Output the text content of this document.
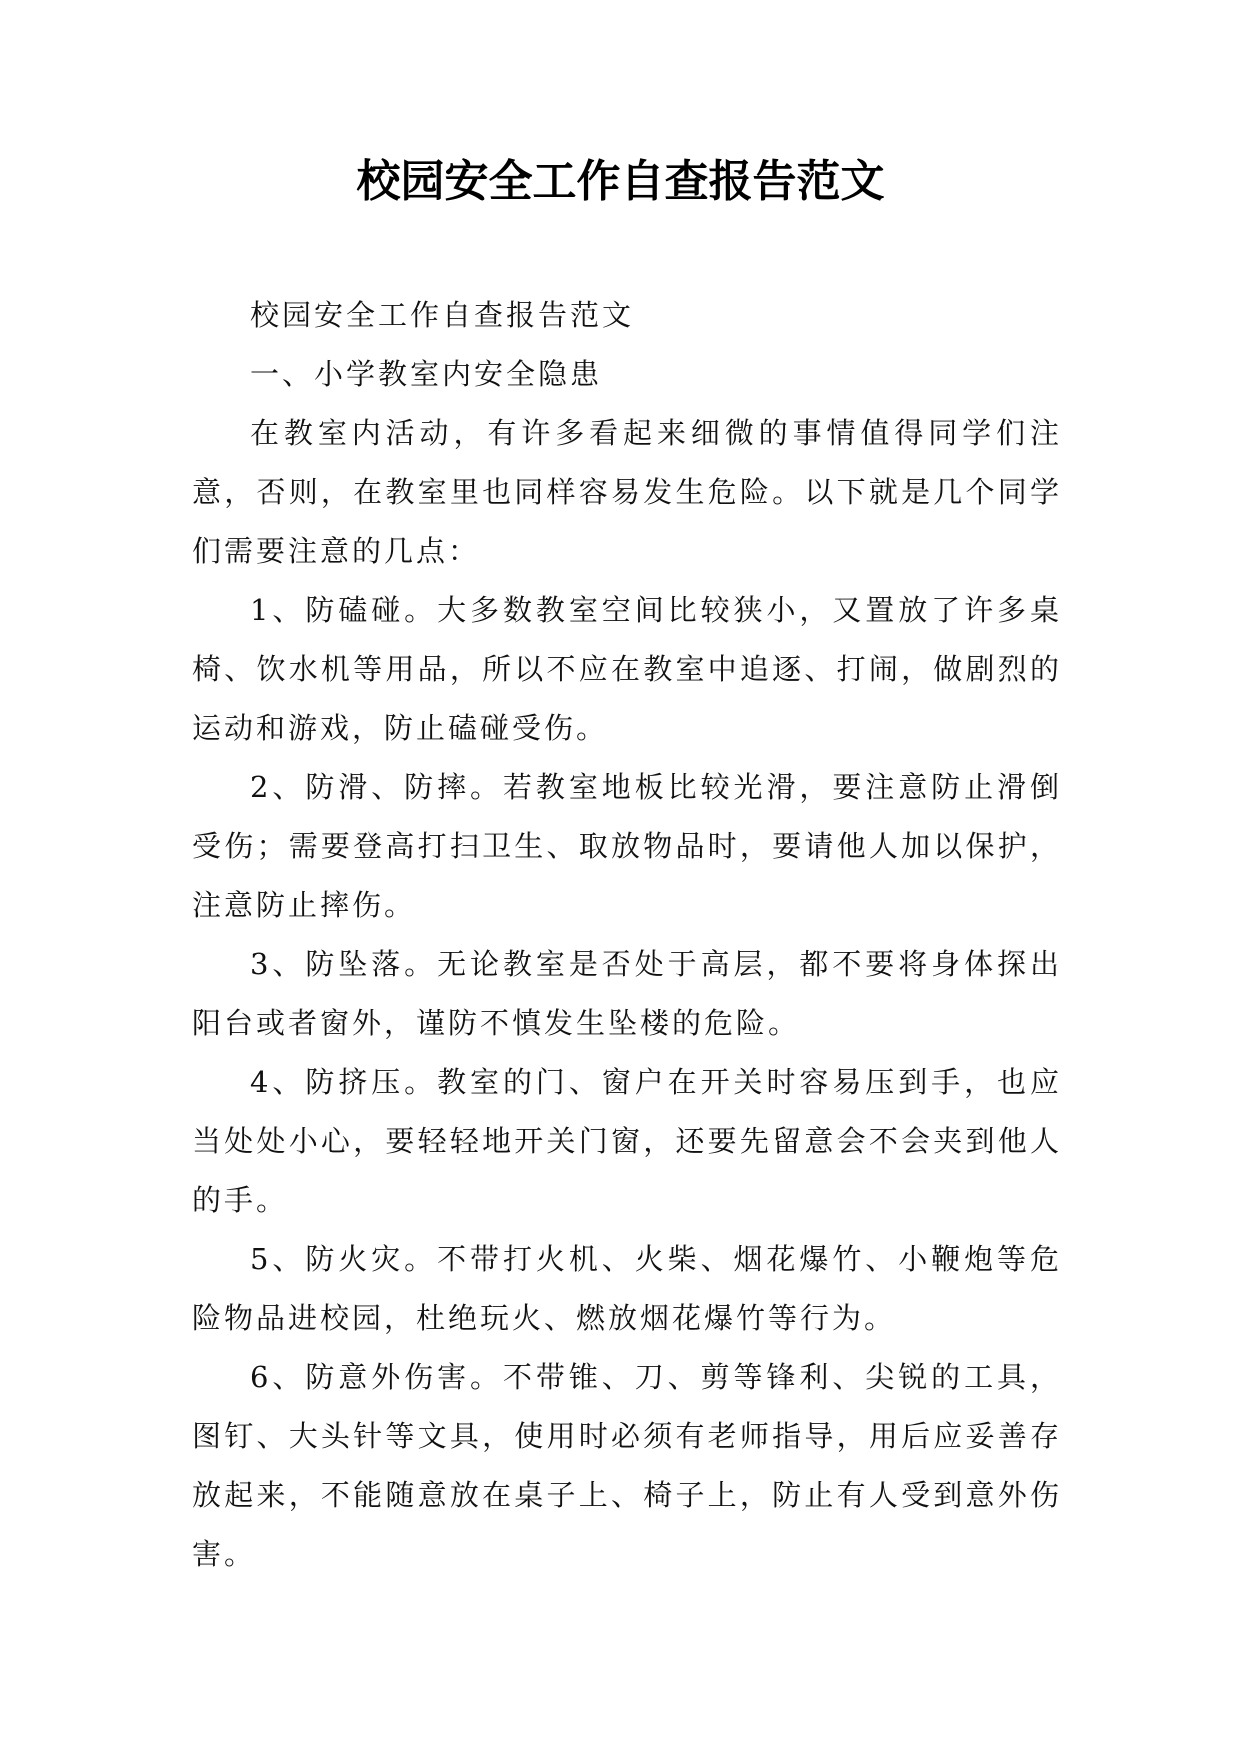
校园安全工作自查报告范文

校园安全工作自查报告范文

一、小学教室内安全隐患

在教室内活动，有许多看起来细微的事情值得同学们注意，否则，在教室里也同样容易发生危险。以下就是几个同学们需要注意的几点：

1、防磕碰。大多数教室空间比较狭小，又置放了许多桌椅、饮水机等用品，所以不应在教室中追逐、打闹，做剧烈的运动和游戏，防止磕碰受伤。

2、防滑、防摔。若教室地板比较光滑，要注意防止滑倒受伤；需要登高打扫卫生、取放物品时，要请他人加以保护，注意防止摔伤。

3、防坠落。无论教室是否处于高层，都不要将身体探出阳台或者窗外，谨防不慎发生坠楼的危险。

4、防挤压。教室的门、窗户在开关时容易压到手，也应当处处小心，要轻轻地开关门窗，还要先留意会不会夹到他人的手。

5、防火灾。不带打火机、火柴、烟花爆竹、小鞭炮等危险物品进校园，杜绝玩火、燃放烟花爆竹等行为。

6、防意外伤害。不带锥、刀、剪等锋利、尖锐的工具，图钉、大头针等文具，使用时必须有老师指导，用后应妥善存放起来，不能随意放在桌子上、椅子上，防止有人受到意外伤害。
